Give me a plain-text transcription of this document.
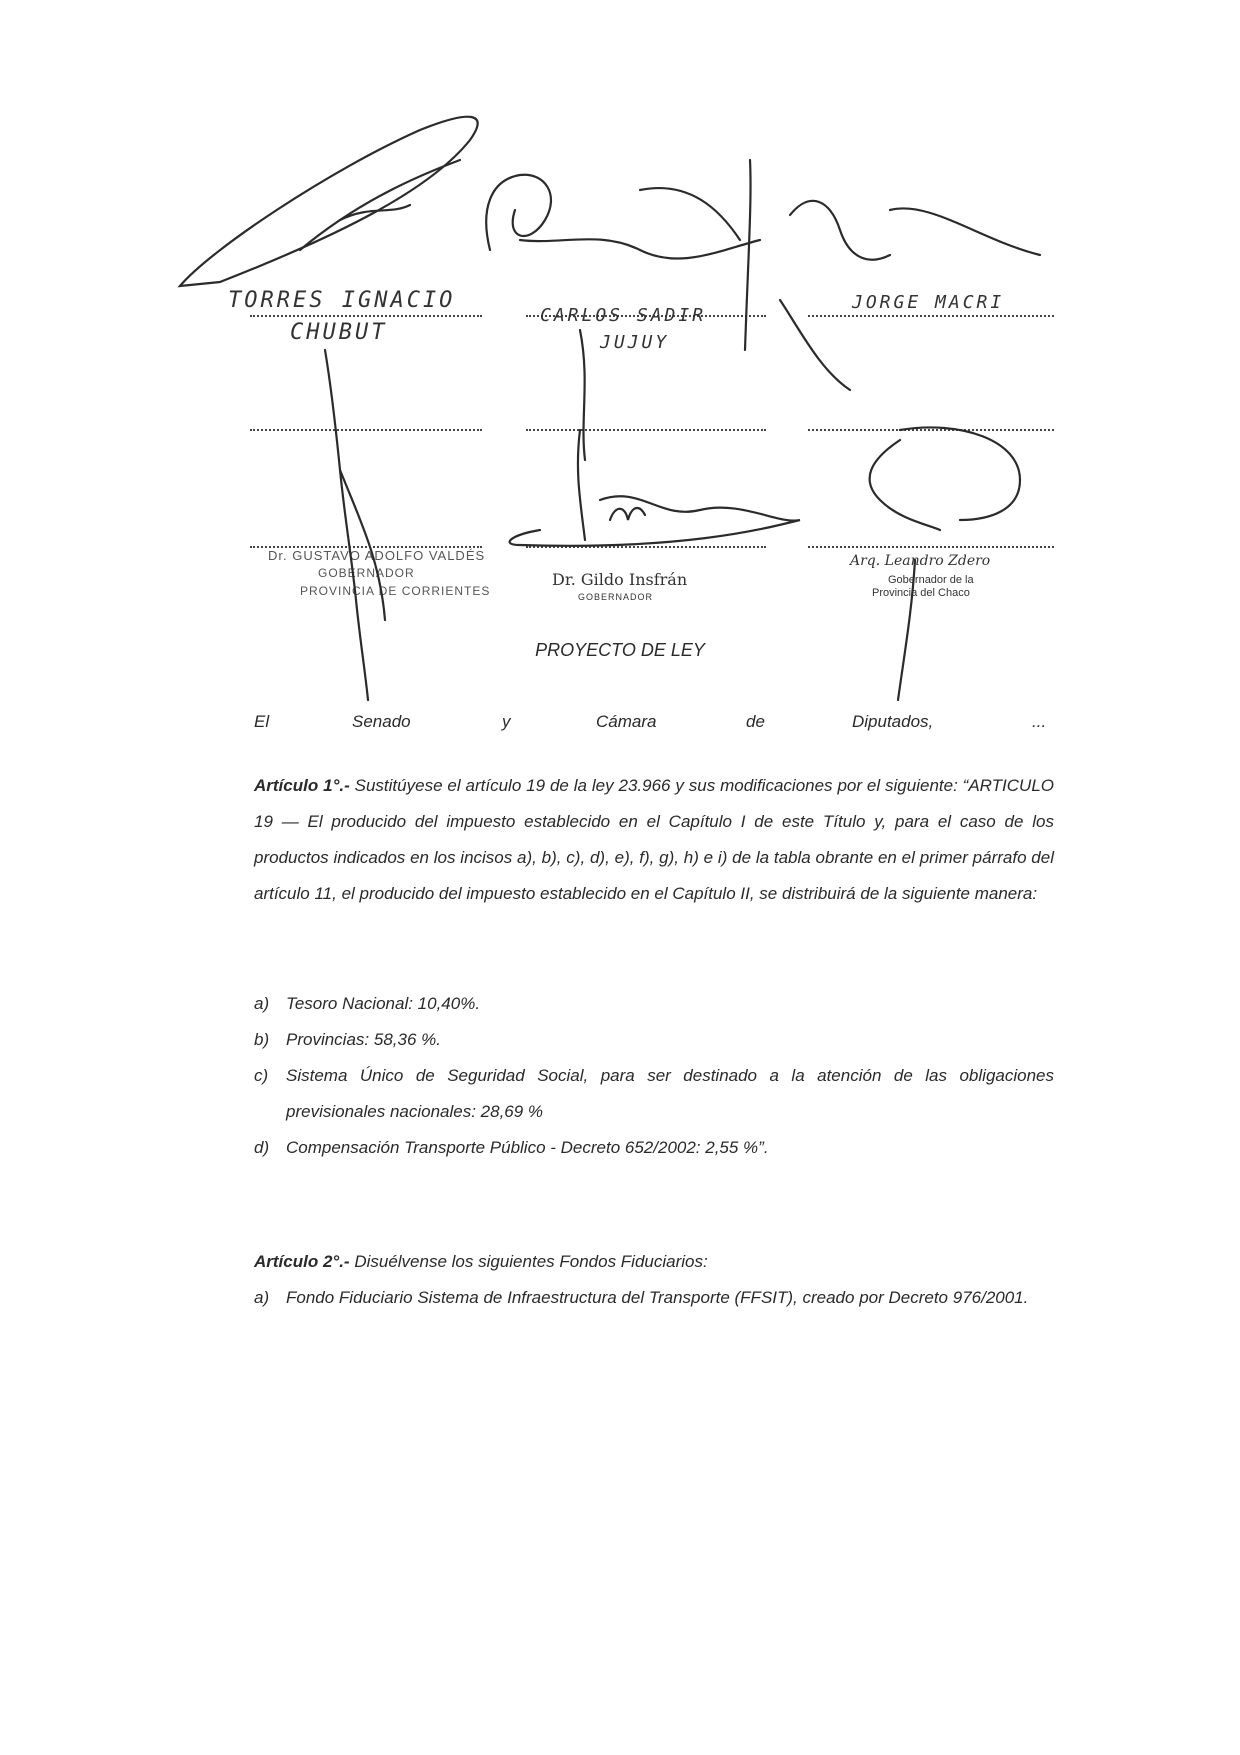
TORRES IGNACIO
CHUBUT
CARLOS SADIR
JUJUY
JORGE MACRI
Dr. GUSTAVO ADOLFO VALDÉS
GOBERNADOR
PROVINCIA DE CORRIENTES
Dr. Gildo Insfrán
GOBERNADOR
Arq. Leandro Zdero
Gobernador de la
Provincia del Chaco
PROYECTO DE LEY
El	Senado	y	Cámara	de	Diputados,	...
Artículo 1°.- Sustitúyese el artículo 19 de la ley 23.966 y sus modificaciones por el siguiente: “ARTICULO 19 — El producido del impuesto establecido en el Capítulo I de este Título y, para el caso de los productos indicados en los incisos a), b), c), d), e), f), g), h) e i) de la tabla obrante en el primer párrafo del artículo 11, el producido del impuesto establecido en el Capítulo II, se distribuirá de la siguiente manera:
a) Tesoro Nacional: 10,40%.
b) Provincias: 58,36 %.
c) Sistema Único de Seguridad Social, para ser destinado a la atención de las obligaciones previsionales nacionales: 28,69 %
d) Compensación Transporte Público - Decreto 652/2002: 2,55 %”.
Artículo 2°.- Disuélvense los siguientes Fondos Fiduciarios:
a) Fondo Fiduciario Sistema de Infraestructura del Transporte (FFSIT), creado por Decreto 976/2001.
